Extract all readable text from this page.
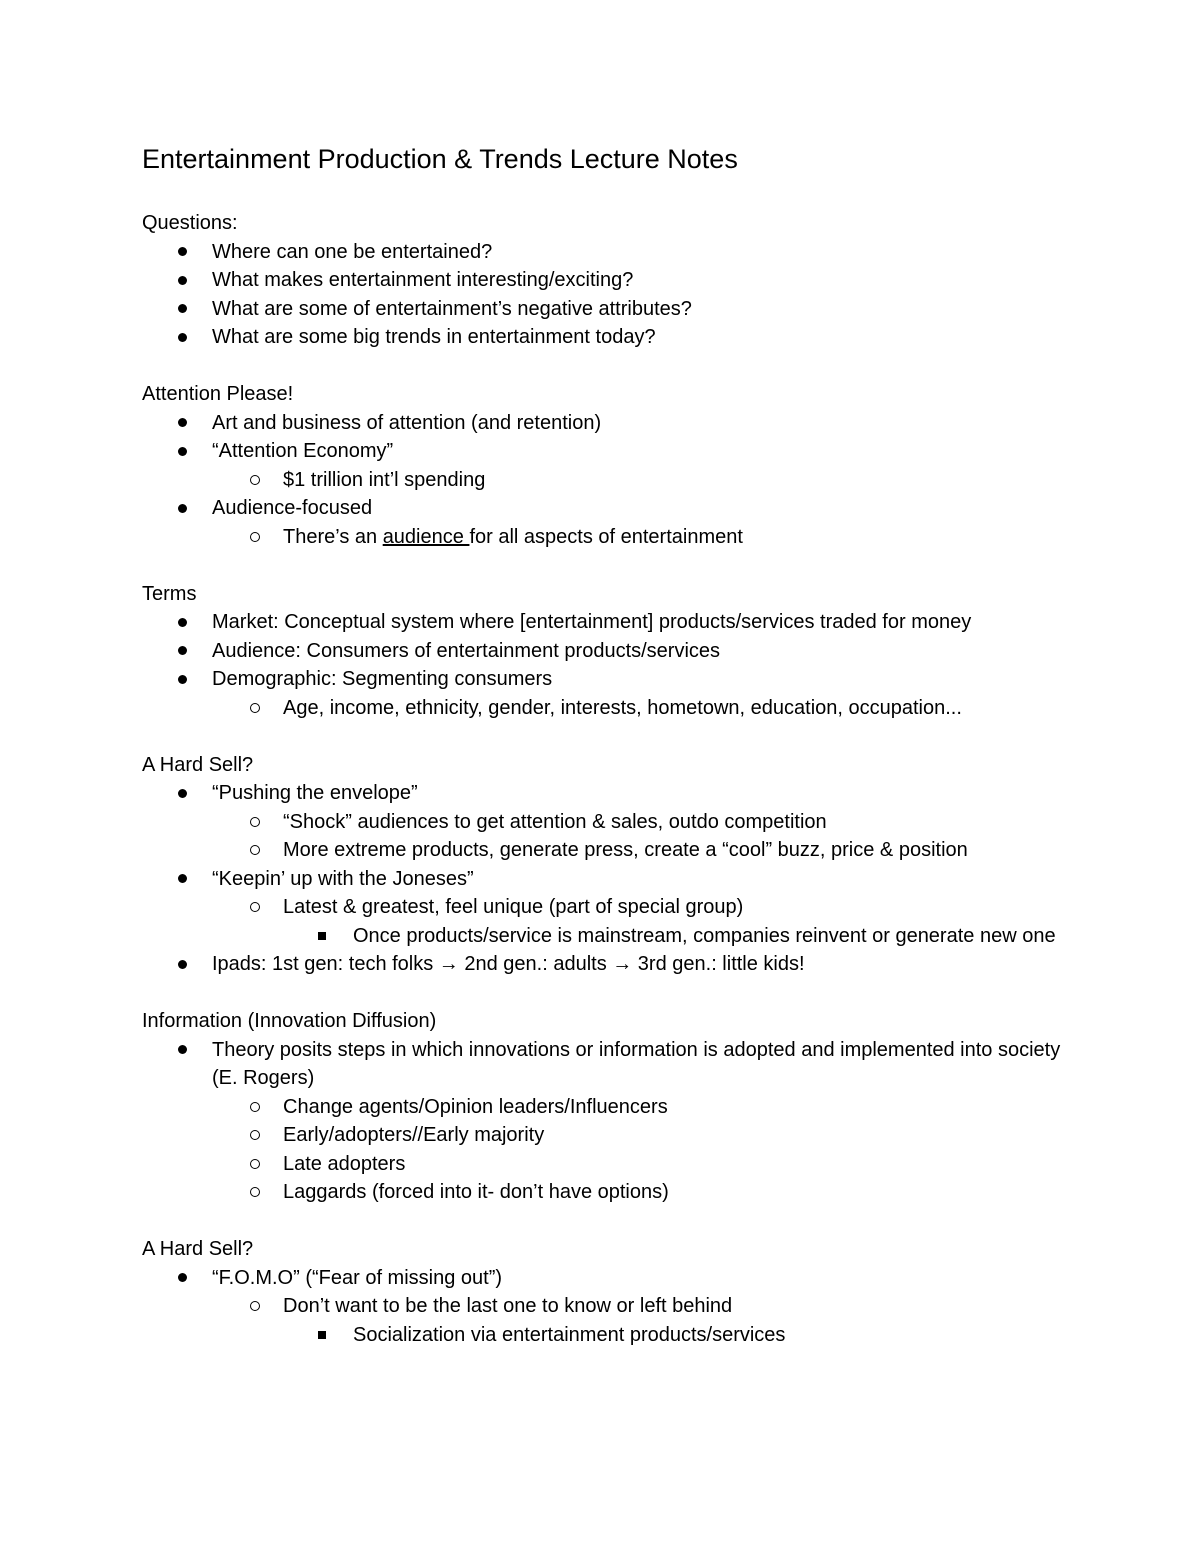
Entertainment Production & Trends Lecture Notes
Questions:
Where can one be entertained?
What makes entertainment interesting/exciting?
What are some of entertainment’s negative attributes?
What are some big trends in entertainment today?
Attention Please!
Art and business of attention (and retention)
“Attention Economy”
$1 trillion int’l spending
Audience-focused
There’s an audience for all aspects of entertainment
Terms
Market: Conceptual system where [entertainment] products/services traded for money
Audience: Consumers of entertainment products/services
Demographic: Segmenting consumers
Age, income, ethnicity, gender, interests, hometown, education, occupation...
A Hard Sell?
“Pushing the envelope”
“Shock” audiences to get attention & sales, outdo competition
More extreme products, generate press, create a “cool” buzz, price & position
“Keepin’ up with the Joneses”
Latest & greatest, feel unique (part of special group)
Once products/service is mainstream, companies reinvent or generate new one
Ipads: 1st gen: tech folks → 2nd gen.: adults → 3rd gen.: little kids!
Information (Innovation Diffusion)
Theory posits steps in which innovations or information is adopted and implemented into society (E. Rogers)
Change agents/Opinion leaders/Influencers
Early/adopters//Early majority
Late adopters
Laggards (forced into it- don’t have options)
A Hard Sell?
“F.O.M.O” (“Fear of missing out”)
Don’t want to be the last one to know or left behind
Socialization via entertainment products/services
